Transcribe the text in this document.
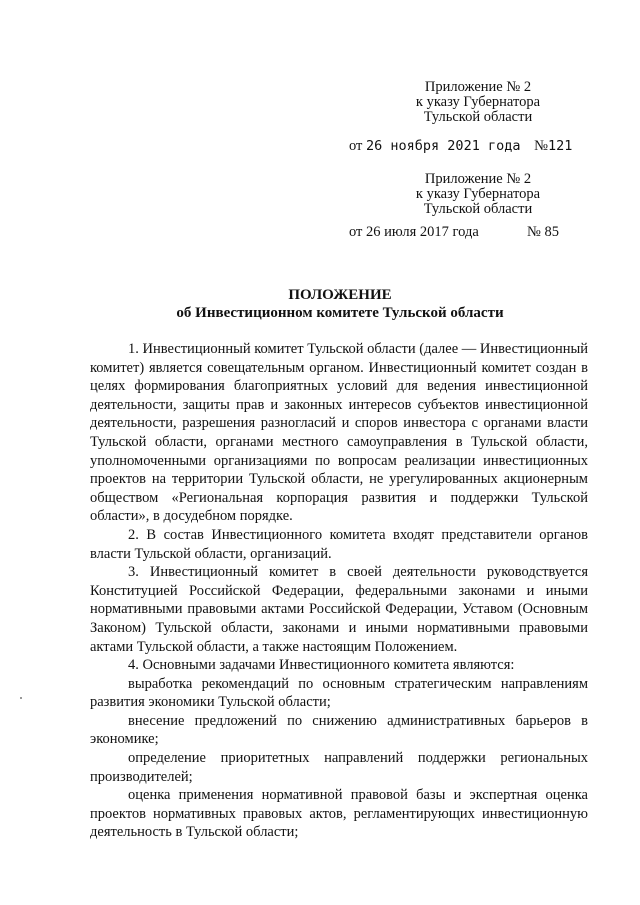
Приложение № 2
к указу Губернатора
Тульской области
от 26 ноября 2021 года №121
Приложение № 2
к указу Губернатора
Тульской области
от 26 июля 2017 года	№ 85
ПОЛОЖЕНИЕ
об Инвестиционном комитете Тульской области

1. Инвестиционный комитет Тульской области (далее — Инвестиционный комитет) является совещательным органом. Инвестиционный комитет создан в целях формирования благоприятных условий для ведения инвестиционной деятельности, защиты прав и законных интересов субъектов инвестиционной деятельности, разрешения разногласий и споров инвестора с органами власти Тульской области, органами местного самоуправления в Тульской области, уполномоченными организациями по вопросам реализации инвестиционных проектов на территории Тульской области, не урегулированных акционерным обществом «Региональная корпорация развития и поддержки Тульской области», в досудебном порядке.

2. В состав Инвестиционного комитета входят представители органов власти Тульской области, организаций.

3. Инвестиционный комитет в своей деятельности руководствуется Конституцией Российской Федерации, федеральными законами и иными нормативными правовыми актами Российской Федерации, Уставом (Основным Законом) Тульской области, законами и иными нормативными правовыми актами Тульской области, а также настоящим Положением.

4. Основными задачами Инвестиционного комитета являются:

выработка рекомендаций по основным стратегическим направлениям развития экономики Тульской области;

внесение предложений по снижению административных барьеров в экономике;

определение приоритетных направлений поддержки региональных производителей;

оценка применения нормативной правовой базы и экспертная оценка проектов нормативных правовых актов, регламентирующих инвестиционную деятельность в Тульской области;
